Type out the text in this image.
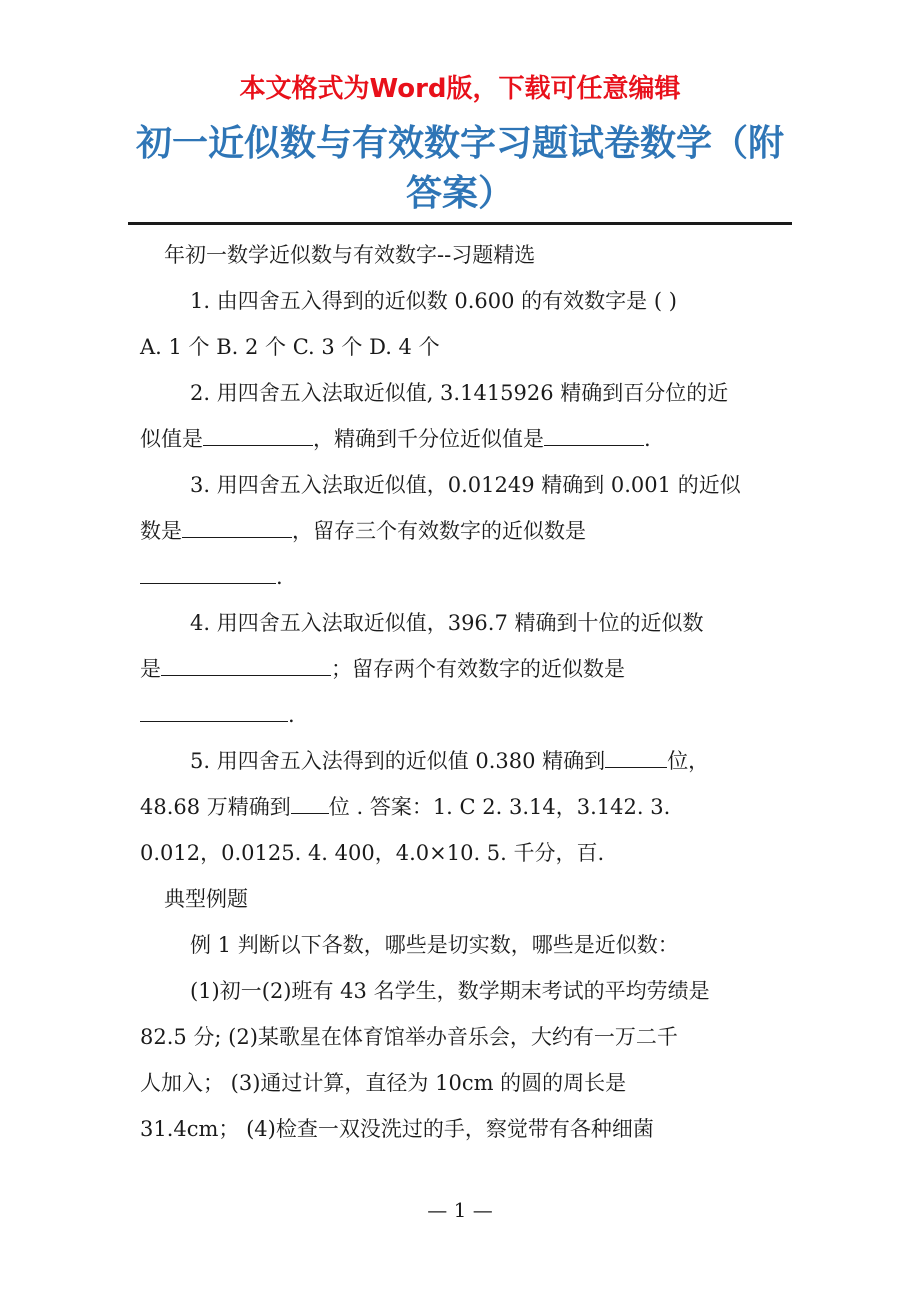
本文格式为Word版，下载可任意编辑
初一近似数与有效数字习题试卷数学（附答案）

年初一数学近似数与有效数字--习题精选

1. 由四舍五入得到的近似数 0.600 的有效数字是 ( )

A. 1 个 B. 2 个 C. 3 个 D. 4 个

2. 用四舍五入法取近似值, 3.1415926 精确到百分位的近

似值是	，精确到千分位近似值是	.

3. 用四舍五入法取近似值，0.01249 精确到 0.001 的近似

数是	，留存三个有效数字的近似数是

.

4. 用四舍五入法取近似值，396.7 精确到十位的近似数

是	；留存两个有效数字的近似数是

.

5. 用四舍五入法得到的近似值 0.380 精确到	位，

48.68 万精确到 位 . 答案：1. C 2. 3.14，3.142. 3.

0.012，0.0125. 4. 400，4.0×10. 5. 千分，百.

典型例题

例 1 判断以下各数，哪些是切实数，哪些是近似数：

(1)初一(2)班有 43 名学生，数学期末考试的平均劳绩是

82.5 分; (2)某歌星在体育馆举办音乐会，大约有一万二千

人加入； (3)通过计算，直径为 10cm 的圆的周长是

31.4cm； (4)检查一双没洗过的手，察觉带有各种细菌

— 1 —
